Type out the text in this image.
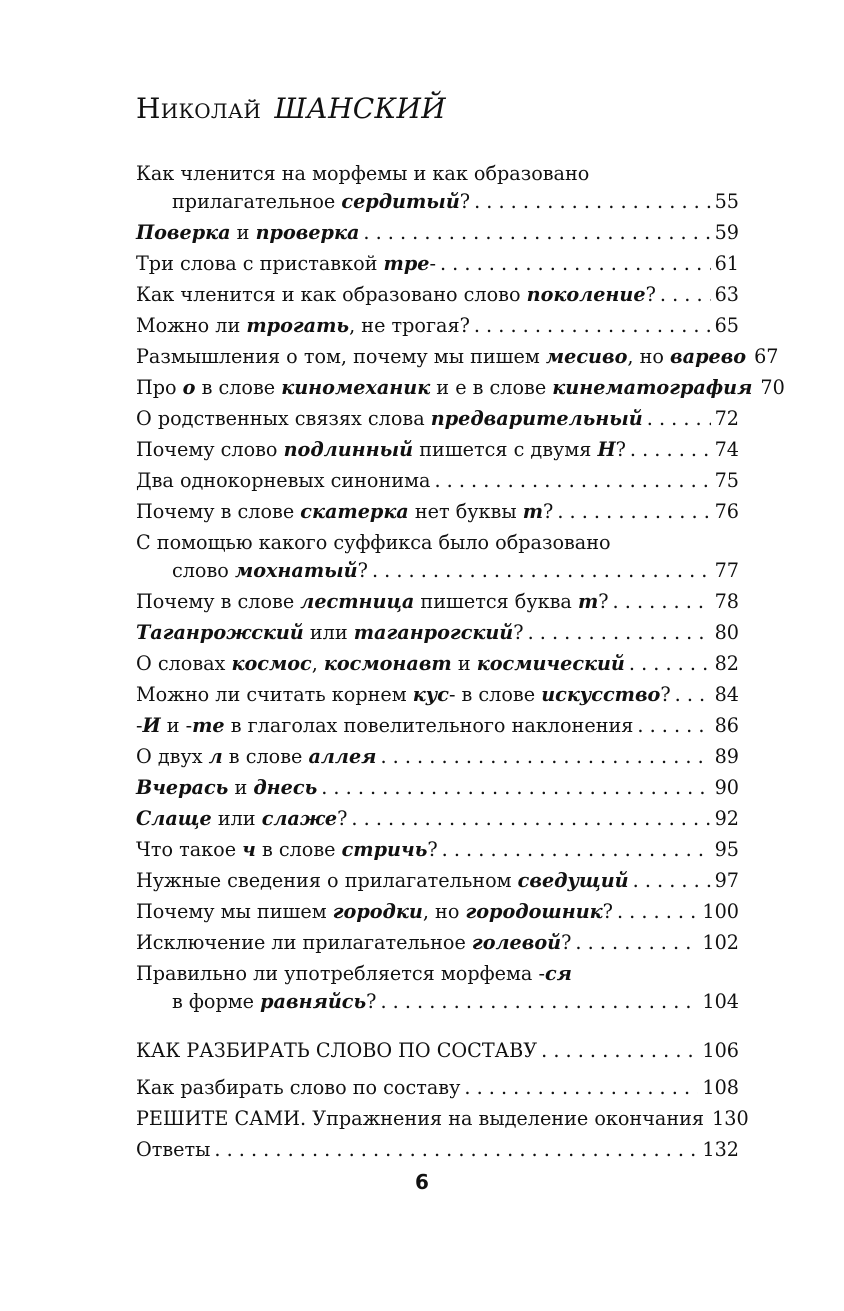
Николай ШАНСКИЙ
Как членится на морфемы и как образовано
прилагательное сердитый? . . .	55
Поверка и проверка . . .	59
Три слова с приставкой тре- . . .	61
Как членится и как образовано слово поколение? . . .	63
Можно ли трогать, не трогая? . . .	65
Размышления о том, почему мы пишем месиво, но варево 67
Про о в слове киномеханик и е в слове кинематография 70
О родственных связях слова предварительный . . .	72
Почему слово подлинный пишется с двумя Н? . . .	74
Два однокорневых синонима . . .	75
Почему в слове скатерка нет буквы т? . . .	76
С помощью какого суффикса было образовано
слово мохнатый? . . .	77
Почему в слове лестница пишется буква т? . . .	78
Таганрожский или таганрогский? . . .	80
О словах космос, космонавт и космический . . .	82
Можно ли считать корнем кус- в слове искусство? . . . 84
-И и -те в глаголах повелительного наклонения . . .	86
О двух л в слове аллея . . .	89
Вчерась и днесь . . .	90
Слаще или слаже? . . .	92
Что такое ч в слове стричь? . . .	95
Нужные сведения о прилагательном сведущий . . .	97
Почему мы пишем городки, но городошник? . . .	100
Исключение ли прилагательное голевой? . . .	102
Правильно ли употребляется морфема -ся
в форме равняйсь? . . .	104
КАК РАЗБИРАТЬ СЛОВО ПО СОСТАВУ . . .	106
Как разбирать слово по составу . . .	108
РЕШИТЕ САМИ. Упражнения на выделение окончания 130
Ответы . . .	132
6
